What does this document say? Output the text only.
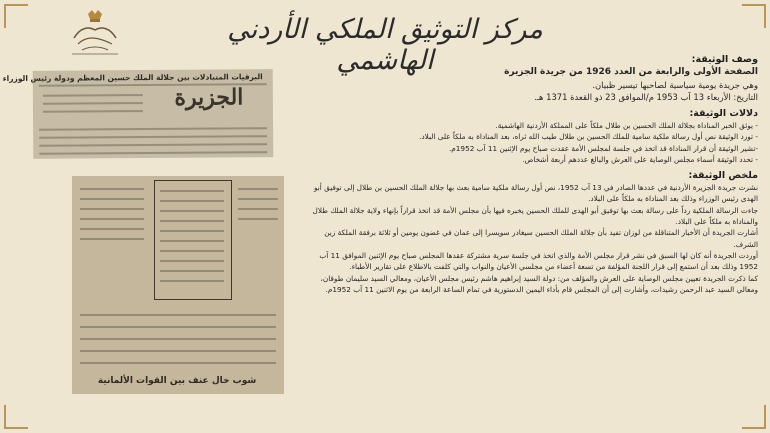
مركز التوثيق الملكي الأردني الهاشمي
البرقيات المتبادلات بين جلالة الملك حسين المعظم ودولة رئيس الوزراء
الجزيرة
شوب خال عنف بين القوات الألمانية

وصف الوثيقة:

الصفحة الأولى والرابعة من العدد 1926 من جريدة الجزيرة

وهي جريدة يومية سياسية لصاحبها تيسير ظبيان.

التاريخ: الأربعاء 13 آب 1953 م/الموافق 23 ذو القعدة 1371 هـ.

دلالات الوثيقة:

- يوثق الخبر المناداة بجلالة الملك الحسين بن طلال ملكاً على المملكة الأردنية الهاشمية.

- تورد الوثيقة نص أول رسالة ملكية سامية للملك الحسين بن طلال طيب الله ثراه، بعد المناداة به ملكاً على البلاد.

-تشير الوثيقة أن قرار المناداة قد اتخذ في جلسة لمجلس الأمة عقدت صباح يوم الإثنين 11 آب 1952م.

- تحدد الوثيقة أسماء مجلس الوصاية على العرش والبالغ عددهم أربعة أشخاص.

ملخص الوثيقة:

نشرت جريدة الجزيرة الأردنية في عددها الصادر في 13 آب 1952، نص أول رسالة ملكية سامية بعث بها جلالة الملك الحسين بن طلال إلى توفيق أبو الهدى رئيس الوزراء وذلك بعد المناداة به ملكاً على البلاد.

جاءت الرسالة الملكية رداً على رسالة بعث بها توفيق أبو الهدى للملك الحسين يخبره فيها بأن مجلس الأمة قد اتخذ قراراً بإنهاء ولاية جلالة الملك طلال والمناداة به ملكاً على البلاد.

أشارت الجريدة أن الأخبار المتناقلة من لوزان تفيد بأن جلالة الملك الحسين سيغادر سويسرا إلى عمان في غضون يومين أو ثلاثة برفقة الملكة زين الشرف.

أوردت الجريدة أنه كان لها السبق في نشر قرار مجلس الأمة والذي اتخذ في جلسة سرية مشتركة عقدها المجلس صباح يوم الإثنين الموافق 11 آب 1952 وذلك بعد أن استمع إلى قرار اللجنة المؤلفة من تسعة أعضاء من مجلسي الأعيان والنواب والتي كلفت بالاطلاع على تقارير الأطباء.

كما ذكرت الجريدة تعيين مجلس الوصاية على العرش والمؤلف من: دولة السيد إبراهيم هاشم رئيس مجلس الأعيان، ومعالي السيد سليمان طوقان، ومعالي السيد عبد الرحمن رشيدات، وأشارت إلى أن المجلس قام بأداء اليمين الدستورية في تمام الساعة الرابعة من يوم الاثنين 11 آب 1952م.
